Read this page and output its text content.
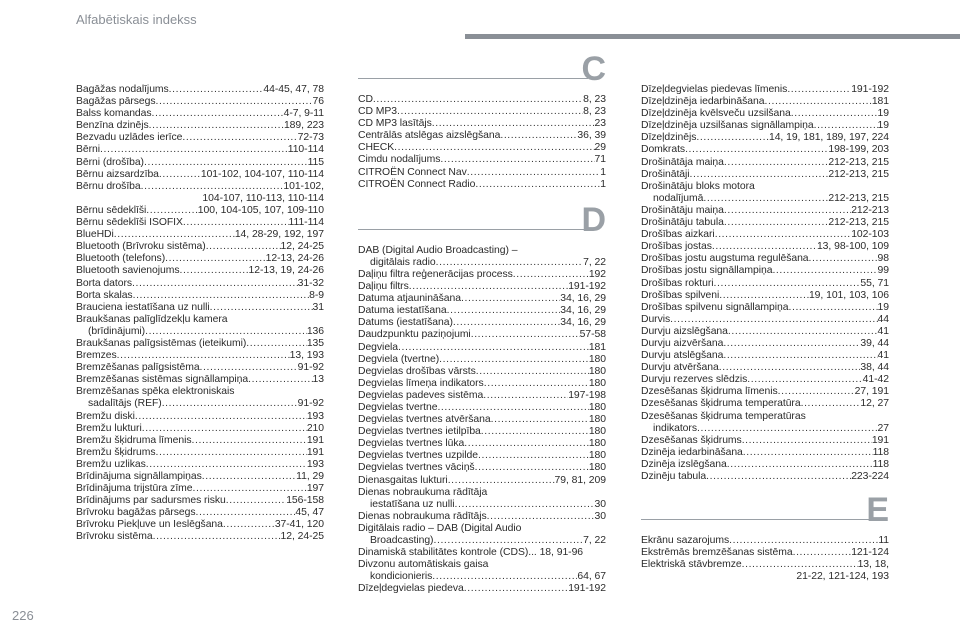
Alfabētiskais indekss
Bagāžas nodalījums .....	44-45, 47, 78
Bagāžas pārsegs .....	76
Balss komandas .....	4-7, 9-11
Benzīna dzinējs .....	189, 223
Bezvadu uzlādes ierīce .....	72-73
Bērni .....	110-114
Bērni (drošība) .....	115
Bērnu aizsardzība .....	101-102, 104-107, 110-114
Bērnu drošība .....	101-102,
104-107, 110-113, 110-114
Bērnu sēdeklīši .....	100, 104-105, 107, 109-110
Bērnu sēdeklīši ISOFIX .....	111-114
BlueHDi .....	14, 28-29, 192, 197
Bluetooth (Brīvroku sistēma) .....	12, 24-25
Bluetooth (telefons) .....	12-13, 24-26
Bluetooth savienojums .....	12-13, 19, 24-26
Borta dators .....	31-32
Borta skalas .....	8-9
Brauciena iestatīšana uz nulli .....	31
Braukšanas palīglīdzekļu kamera
(brīdinājumi) .....	136
Braukšanas palīgsistēmas (ieteikumi) .....	135
Bremzes .....	13, 193
Bremzēšanas palīgsistēma .....	91-92
Bremzēšanas sistēmas signāllampiņa .....	13
Bremzēšanas spēka elektroniskais
sadalītājs (REF) .....	91-92
Bremžu diski .....	193
Bremžu lukturi .....	210
Bremžu šķidruma līmenis .....	191
Bremžu šķidrums .....	191
Bremžu uzlikas .....	193
Brīdinājuma signāllampiņas .....	11, 29
Brīdinājuma trijstūra zīme .....	197
Brīdinājums par sadursmes risku .....	156-158
Brīvroku bagāžas pārsegs .....	45, 47
Brīvroku Piekļuve un Ieslēgšana .....	37-41, 120
Brīvroku sistēma .....	12, 24-25
C
CD .....	8, 23
CD MP3 .....	8, 23
CD MP3 lasītājs .....	23
Centrālās atslēgas aizslēgšana .....	36, 39
CHECK .....	29
Cimdu nodalījums .....	71
CITROËN Connect Nav .....	1
CITROËN Connect Radio .....	1
D
DAB (Digital Audio Broadcasting) –
digitālais radio .....	7, 22
Daļiņu filtra reģenerācijas process .....	192
Daļiņu filtrs .....	191-192
Datuma atjaunināšana .....	34, 16, 29
Datuma iestatīšana .....	34, 16, 29
Datums (iestatīšana) .....	34, 16, 29
Daudzpunktu paziņojumi .....	57-58
Degviela .....	181
Degviela (tvertne) .....	180
Degvielas drošības vārsts .....	180
Degvielas līmeņa indikators .....	180
Degvielas padeves sistēma .....	197-198
Degvielas tvertne .....	180
Degvielas tvertnes atvēršana .....	180
Degvielas tvertnes ietilpība .....	180
Degvielas tvertnes lūka .....	180
Degvielas tvertnes uzpilde .....	180
Degvielas tvertnes vāciņš .....	180
Dienasgaitas lukturi .....	79, 81, 209
Dienas nobraukuma rādītāja
iestatīšana uz nulli .....	30
Dienas nobraukuma rādītājs .....	30
Digitālais radio – DAB (Digital Audio
Broadcasting) .....	7, 22
Dinamiskā stabilitātes kontrole (CDS)... 18, 91-96
Divzonu automātiskais gaisa
kondicionieris .....	64, 67
Dīzeļdegvielas piedeva .....	191-192
Dīzeļdegvielas piedevas līmenis .....	191-192
Dīzeļdzinēja iedarbināšana .....	181
Dīzeļdzinēja kvēlsveču uzsilšana .....	19
Dīzeļdzinēja uzsilšanas signāllampiņa .....	19
Dīzeļdzinējs .....	14, 19, 181, 189, 197, 224
Domkrats .....	198-199, 203
Drošinātāja maiņa .....	212-213, 215
Drošinātāji .....	212-213, 215
Drošinātāju bloks motora
nodalījumā .....	212-213, 215
Drošinātāju maiņa .....	212-213
Drošinātāju tabula .....	212-213, 215
Drošības aizkari .....	102-103
Drošības jostas .....	13, 98-100, 109
Drošības jostu augstuma regulēšana .....	98
Drošības jostu signāllampiņa .....	99
Drošības rokturi .....	55, 71
Drošības spilveni .....	19, 101, 103, 106
Drošības spilvenu signāllampiņa .....	19
Durvis .....	44
Durvju aizslēgšana .....	41
Durvju aizvēršana .....	39, 44
Durvju atslēgšana .....	41
Durvju atvēršana .....	38, 44
Durvju rezerves slēdzis .....	41-42
Dzesēšanas šķidruma līmenis .....	27, 191
Dzesēšanas šķidruma temperatūra .....	12, 27
Dzesēšanas šķidruma temperatūras
indikators .....	27
Dzesēšanas šķidrums .....	191
Dzinēja iedarbināšana .....	118
Dzinēja izslēgšana .....	118
Dzinēju tabula .....	223-224
E
Ekrānu sazarojums .....	11
Ekstrēmās bremzēšanas sistēma .....	121-124
Elektriskā stāvbremze .....	13, 18,
21-22, 121-124, 193
226
